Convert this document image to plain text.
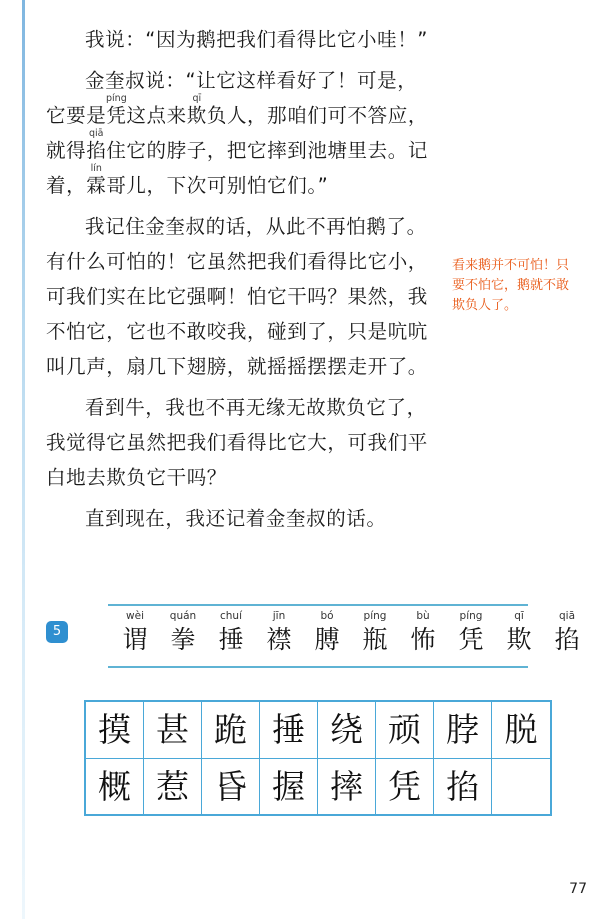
我说：“因为鹅把我们看得比它小哇！”

金奎叔说：“让它这样看好了！可是，它要是凭píng这点来欺qī负人，那咱们可不答应，就得掐qiā住它的脖子，把它摔到池塘里去。记着，霖lín哥儿，下次可别怕它们。”

我记住金奎叔的话，从此不再怕鹅了。有什么可怕的！它虽然把我们看得比它小，可我们实在比它强啊！怕它干吗？果然，我不怕它，它也不敢咬我，碰到了，只是吭吭叫几声，扇几下翅膀，就摇摇摆摆走开了。

看到牛，我也不再无缘无故欺负它了，我觉得它虽然把我们看得比它大，可我们平白地去欺负它干吗？

直到现在，我还记着金奎叔的话。

看来鹅并不可怕！只要不怕它，鹅就不敢欺负人了。
5
wèi
谓
quán
拳
chuí
捶
jīn
襟
bó
膊
píng
瓶
bù
怖
píng
凭
qī
欺
qiā
掐
摸 甚 跪 捶 绕 顽 脖 脱
概 惹 昏 握 摔 凭 掐
77
